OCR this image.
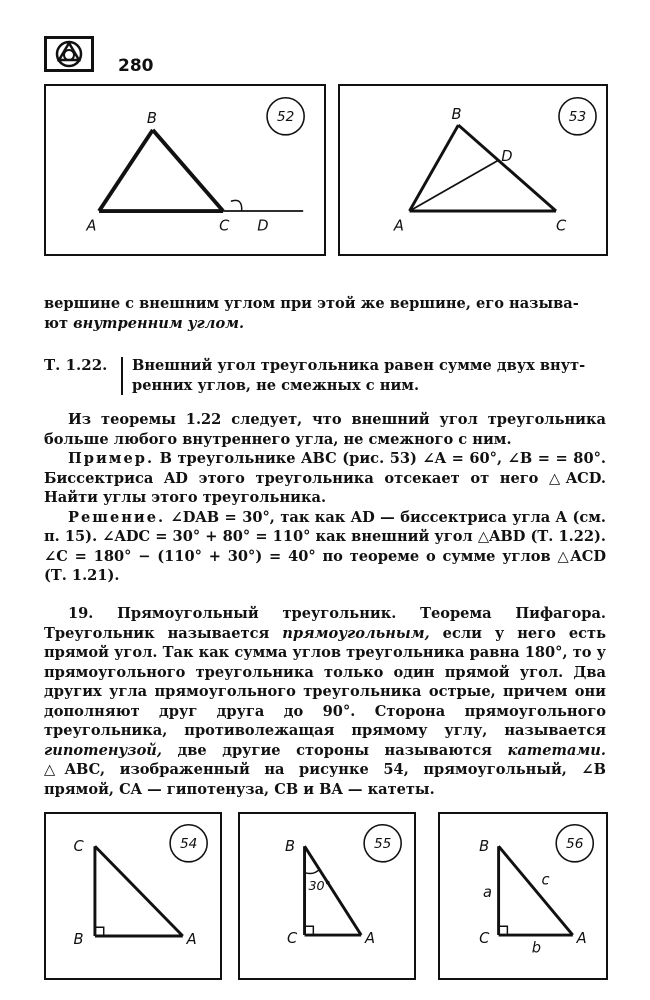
280
B
A	C D
52	B
D
A	C
53

вершине с внешним углом при этой же вершине, его называ-

ют внутренним углом.

Т. 1.22. Внешний угол треугольника равен сумме двух внут-

ренних углов, не смежных с ним.

Из теоремы 1.22 следует, что внешний угол треугольника больше любого внутреннего угла, не смежного с ним.

Пример. В треугольнике ABC (рис. 53) ∠A = 60°, ∠B = = 80°. Биссектриса AD этого треугольника отсекает от него △ACD. Найти углы этого треугольника.

Решение. ∠DAB = 30°, так как AD — биссектриса угла A (см. п. 15). ∠ADC = 30° + 80° = 110° как внешний угол △ABD (Т. 1.22). ∠C = 180° − (110° + 30°) = 40° по теореме о сумме углов △ACD (Т. 1.21).

19. Прямоугольный треугольник. Теорема Пифагора. Треугольник называется прямоугольным, если у него есть прямой угол. Так как сумма углов треугольника равна 180°, то у прямоугольного треугольника только один прямой угол. Два других угла прямоугольного треугольника острые, причем они дополняют друг друга до 90°. Сторона прямоугольного треугольника, противолежащая прямому углу, называется гипотенузой, две другие стороны называются катетами. △ABC, изображенный на рисунке 54, прямоугольный, ∠B прямой, CA — гипотенуза, CB и BA — катеты.

C
B	A
54	B
C	A
30°
55	B
C	A
a
b
c
56
